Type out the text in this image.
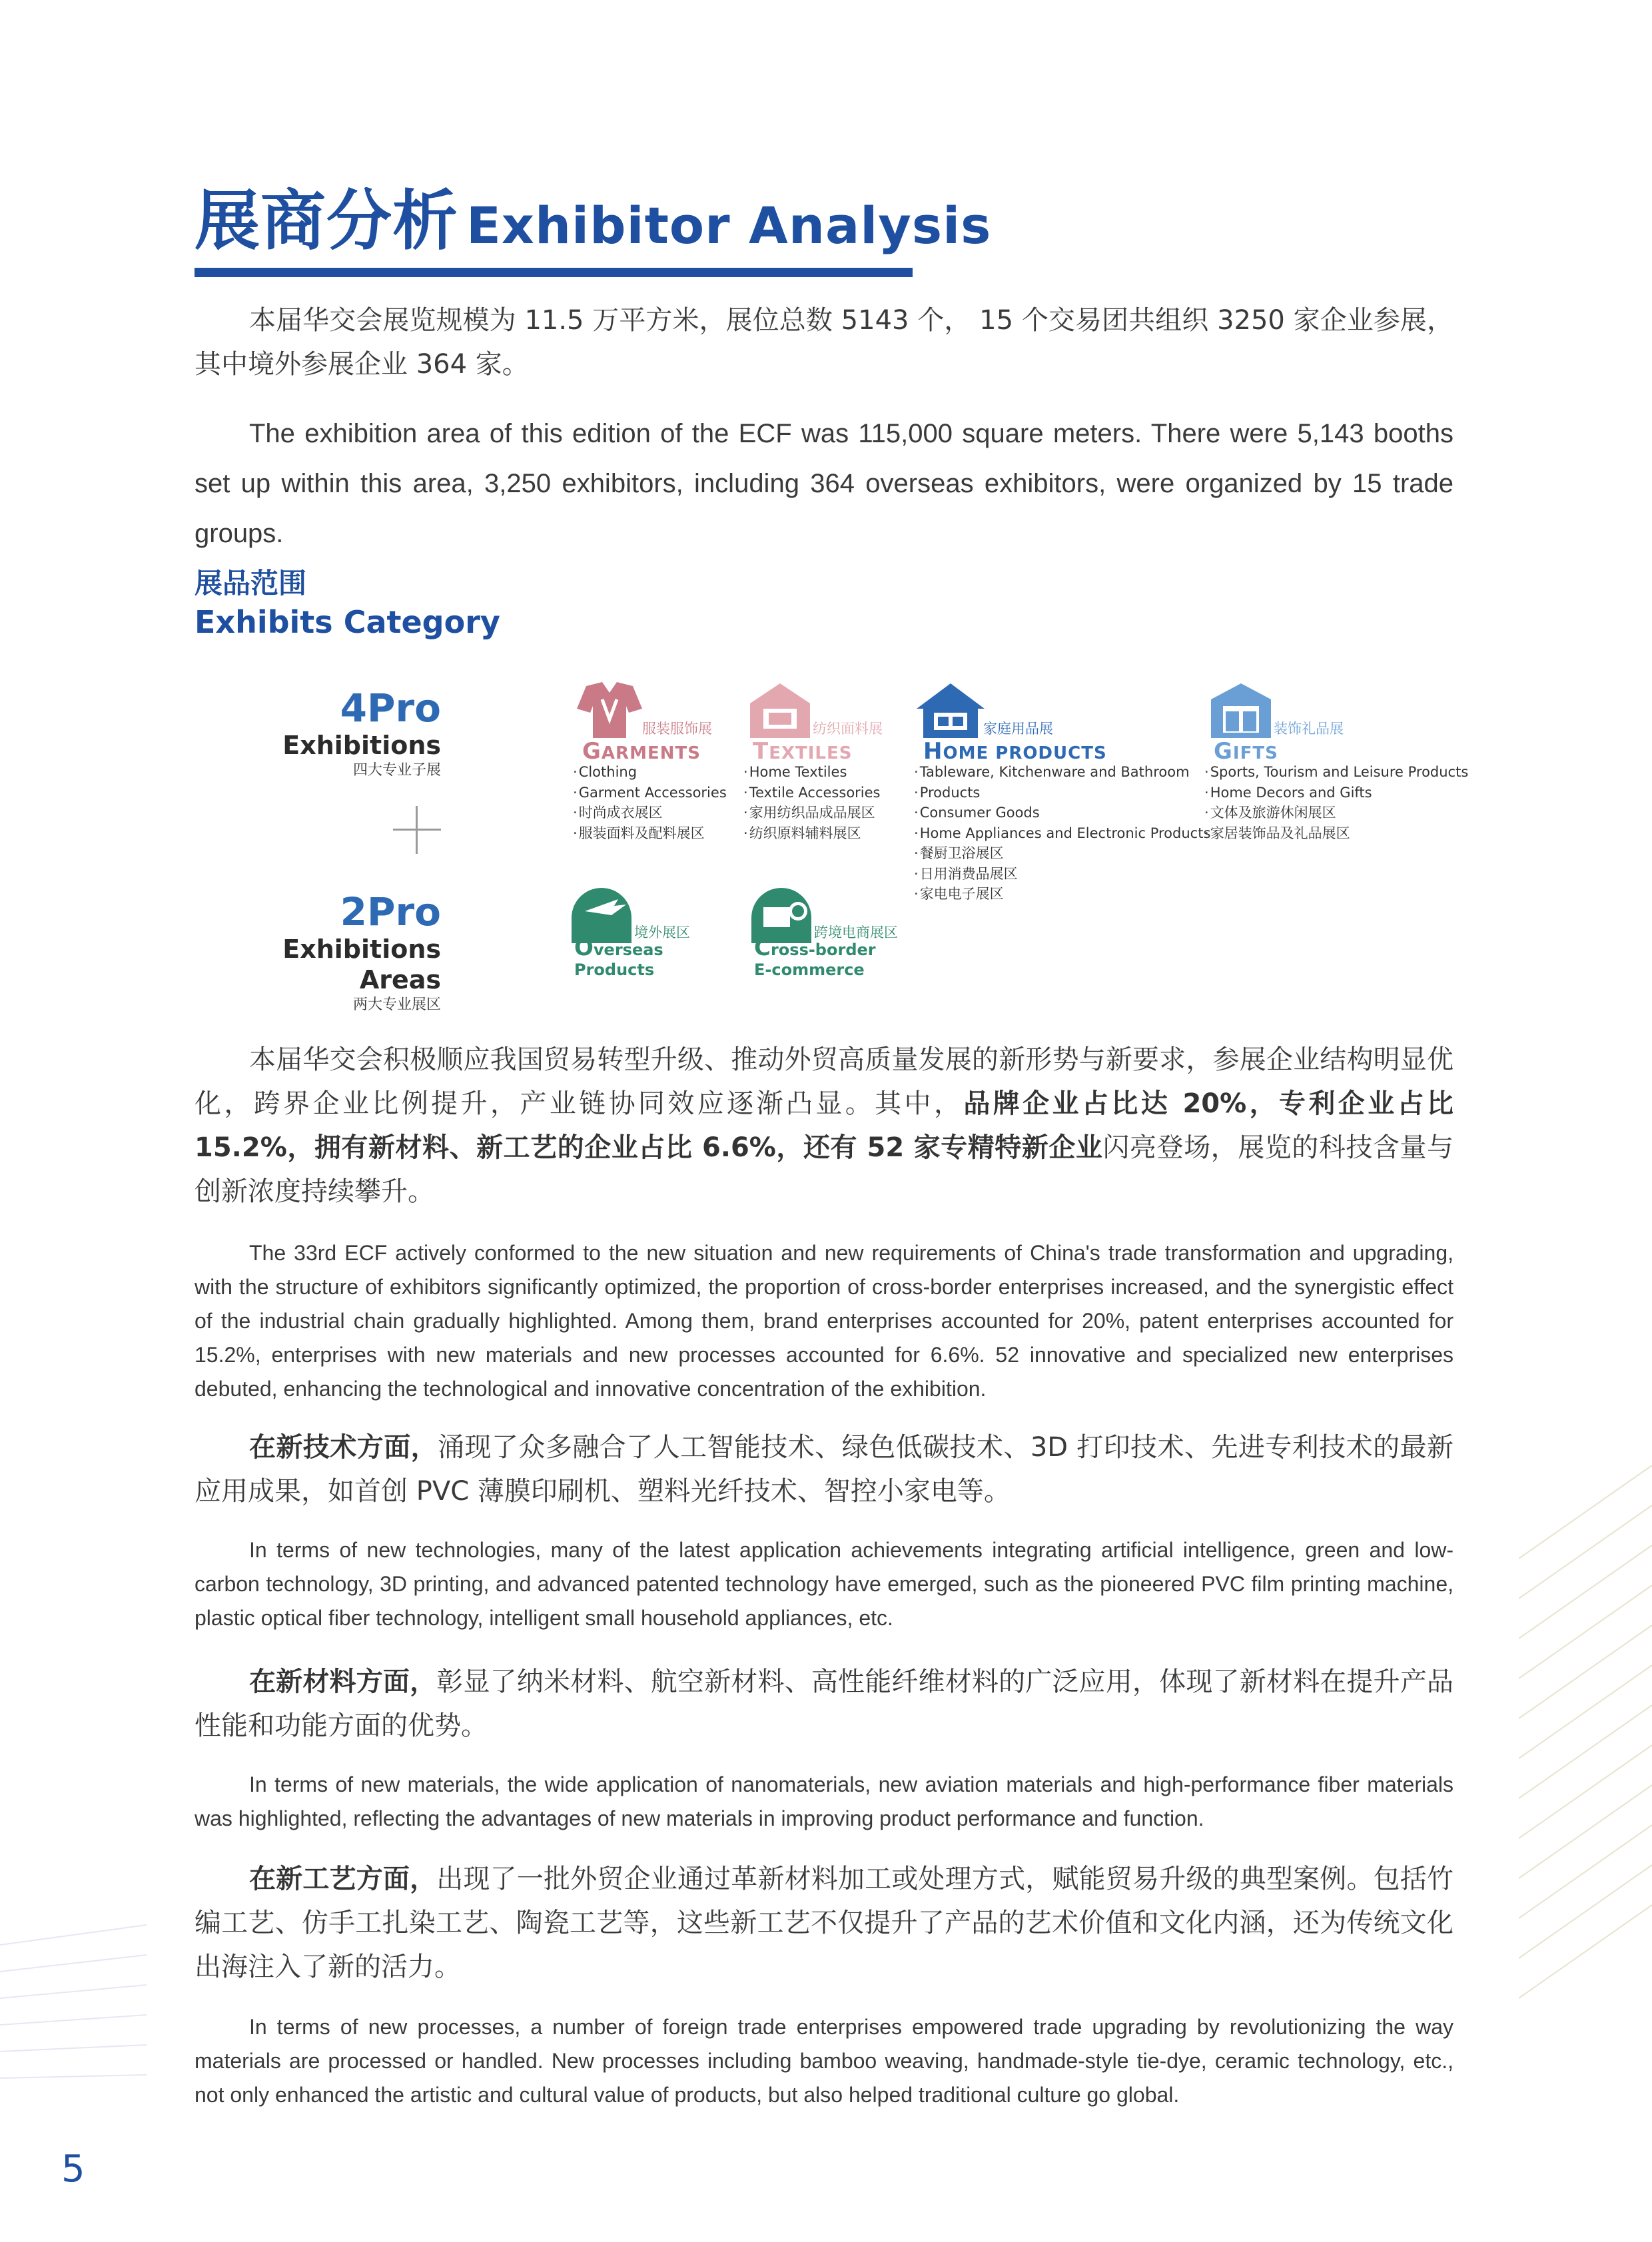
展商分析 Exhibitor Analysis

本届华交会展览规模为 11.5 万平方米，展位总数 5143 个， 15 个交易团共组织 3250 家企业参展，其中境外参展企业 364 家。

The exhibition area of this edition of the ECF was 115,000 square meters. There were 5,143 booths set up within this area, 3,250 exhibitors, including 364 overseas exhibitors, were organized by 15 trade groups.

展品范围
Exhibits Category
4Pro
Exhibitions
四大专业子展
2Pro
Exhibitions Areas
两大专业展区
服装服饰展
GARMENTS
· Clothing
· Garment Accessories
· 时尚成衣展区
· 服装面料及配料展区
纺织面料展
TEXTILES
· Home Textiles
· Textile Accessories
· 家用纺织品成品展区
· 纺织原料辅料展区
家庭用品展
HOME PRODUCTS
· Tableware, Kitchenware and Bathroom
· Products
· Consumer Goods
· Home Appliances and Electronic Products
· 餐厨卫浴展区
· 日用消费品展区
· 家电电子展区
装饰礼品展
GIFTS
· Sports, Tourism and Leisure Products
· Home Decors and Gifts
· 文体及旅游休闲展区
· 家居装饰品及礼品展区
境外展区
Overseas
Products
跨境电商展区
Cross-border
E-commerce

本届华交会积极顺应我国贸易转型升级、推动外贸高质量发展的新形势与新要求，参展企业结构明显优化，跨界企业比例提升，产业链协同效应逐渐凸显。其中，品牌企业占比达 20%，专利企业占比 15.2%，拥有新材料、新工艺的企业占比 6.6%，还有 52 家专精特新企业闪亮登场，展览的科技含量与创新浓度持续攀升。

The 33rd ECF actively conformed to the new situation and new requirements of China's trade transformation and upgrading, with the structure of exhibitors significantly optimized, the proportion of cross-border enterprises increased, and the synergistic effect of the industrial chain gradually highlighted. Among them, brand enterprises accounted for 20%, patent enterprises accounted for 15.2%, enterprises with new materials and new processes accounted for 6.6%. 52 innovative and specialized new enterprises debuted, enhancing the technological and innovative concentration of the exhibition.

在新技术方面，涌现了众多融合了人工智能技术、绿色低碳技术、3D 打印技术、先进专利技术的最新应用成果，如首创 PVC 薄膜印刷机、塑料光纤技术、智控小家电等。

In terms of new technologies, many of the latest application achievements integrating artificial intelligence, green and low-carbon technology, 3D printing, and advanced patented technology have emerged, such as the pioneered PVC film printing machine, plastic optical fiber technology, intelligent small household appliances, etc.

在新材料方面，彰显了纳米材料、航空新材料、高性能纤维材料的广泛应用，体现了新材料在提升产品性能和功能方面的优势。

In terms of new materials, the wide application of nanomaterials, new aviation materials and high-performance fiber materials was highlighted, reflecting the advantages of new materials in improving product performance and function.

在新工艺方面，出现了一批外贸企业通过革新材料加工或处理方式，赋能贸易升级的典型案例。包括竹编工艺、仿手工扎染工艺、陶瓷工艺等，这些新工艺不仅提升了产品的艺术价值和文化内涵，还为传统文化出海注入了新的活力。

In terms of new processes, a number of foreign trade enterprises empowered trade upgrading by revolutionizing the way materials are processed or handled. New processes including bamboo weaving, handmade-style tie-dye, ceramic technology, etc., not only enhanced the artistic and cultural value of products, but also helped traditional culture go global.

5
